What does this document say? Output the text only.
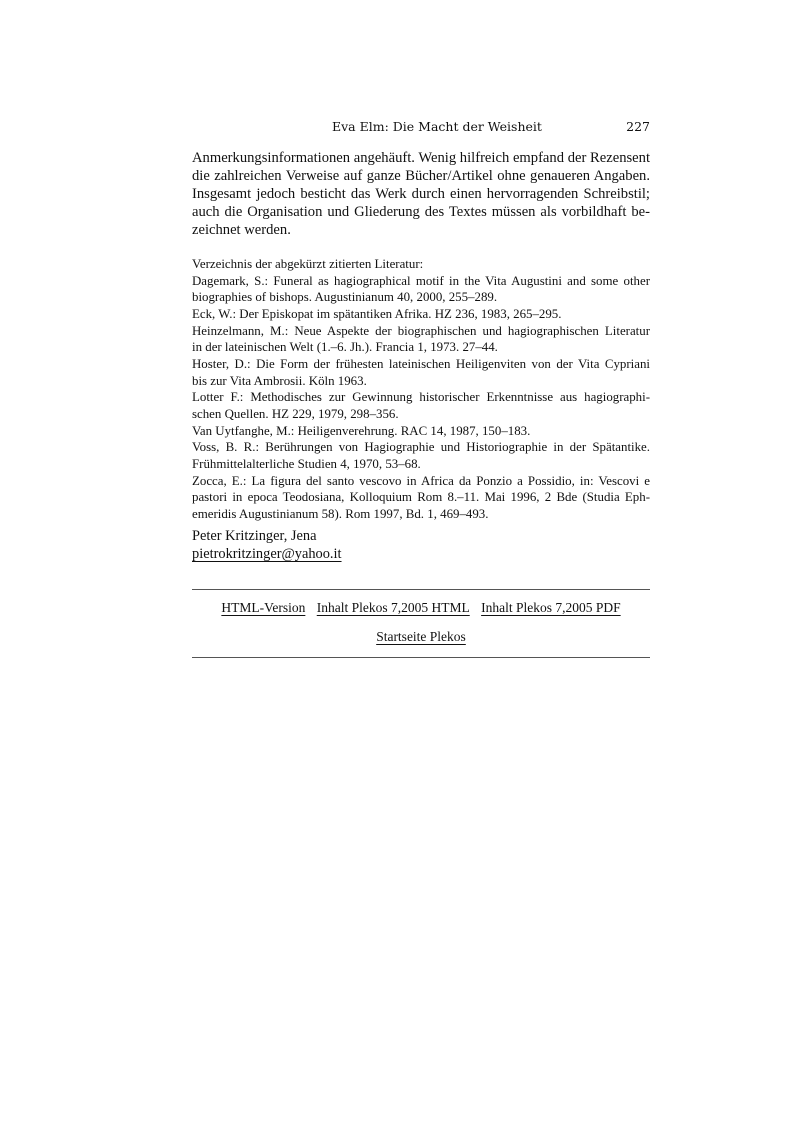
Eva Elm: Die Macht der Weisheit	227
Anmerkungsinformationen angehäuft. Wenig hilfreich empfand der Rezensent
die zahlreichen Verweise auf ganze Bücher/Artikel ohne genaueren Angaben.
Insgesamt jedoch besticht das Werk durch einen hervorragenden Schreibstil;
auch die Organisation und Gliederung des Textes müssen als vorbildhaft be-
zeichnet werden.
Verzeichnis der abgekürzt zitierten Literatur:
Dagemark, S.: Funeral as hagiographical motif in the Vita Augustini and some other
biographies of bishops. Augustinianum 40, 2000, 255–289.
Eck, W.: Der Episkopat im spätantiken Afrika. HZ 236, 1983, 265–295.
Heinzelmann, M.: Neue Aspekte der biographischen und hagiographischen Literatur
in der lateinischen Welt (1.–6. Jh.). Francia 1, 1973. 27–44.
Hoster, D.: Die Form der frühesten lateinischen Heiligenviten von der Vita Cypriani
bis zur Vita Ambrosii. Köln 1963.
Lotter F.: Methodisches zur Gewinnung historischer Erkenntnisse aus hagiographi-
schen Quellen. HZ 229, 1979, 298–356.
Van Uytfanghe, M.: Heiligenverehrung. RAC 14, 1987, 150–183.
Voss, B. R.: Berührungen von Hagiographie und Historiographie in der Spätantike.
Frühmittelalterliche Studien 4, 1970, 53–68.
Zocca, E.: La figura del santo vescovo in Africa da Ponzio a Possidio, in: Vescovi e
pastori in epoca Teodosiana, Kolloquium Rom 8.–11. Mai 1996, 2 Bde (Studia Eph-
emeridis Augustinianum 58). Rom 1997, Bd. 1, 469–493.
Peter Kritzinger, Jena
pietrokritzinger@yahoo.it
HTML-Version Inhalt Plekos 7,2005 HTML Inhalt Plekos 7,2005 PDF
Startseite Plekos
